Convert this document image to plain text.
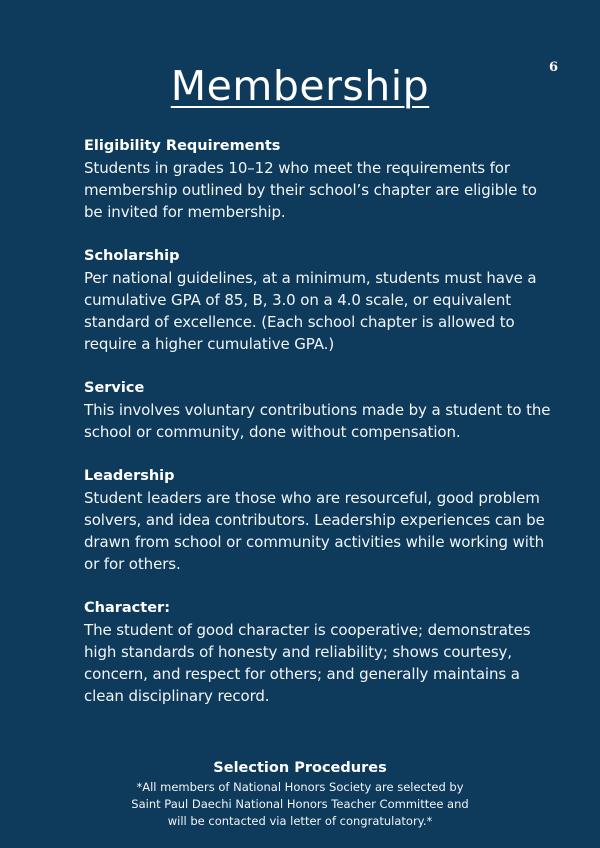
6
Membership

Eligibility Requirements

Students in grades 10–12 who meet the requirements for membership outlined by their school’s chapter are eligible to be invited for membership.

Scholarship

Per national guidelines, at a minimum, students must have a cumulative GPA of 85, B, 3.0 on a 4.0 scale, or equivalent standard of excellence. (Each school chapter is allowed to require a higher cumulative GPA.)

Service

This involves voluntary contributions made by a student to the school or community, done without compensation.

Leadership

Student leaders are those who are resourceful, good problem solvers, and idea contributors. Leadership experiences can be drawn from school or community activities while working with or for others.

Character:

The student of good character is cooperative; demonstrates high standards of honesty and reliability; shows courtesy, concern, and respect for others; and generally maintains a clean disciplinary record.

Selection Procedures

*All members of National Honors Society are selected by Saint Paul Daechi National Honors Teacher Committee and will be contacted via letter of congratulatory.*
